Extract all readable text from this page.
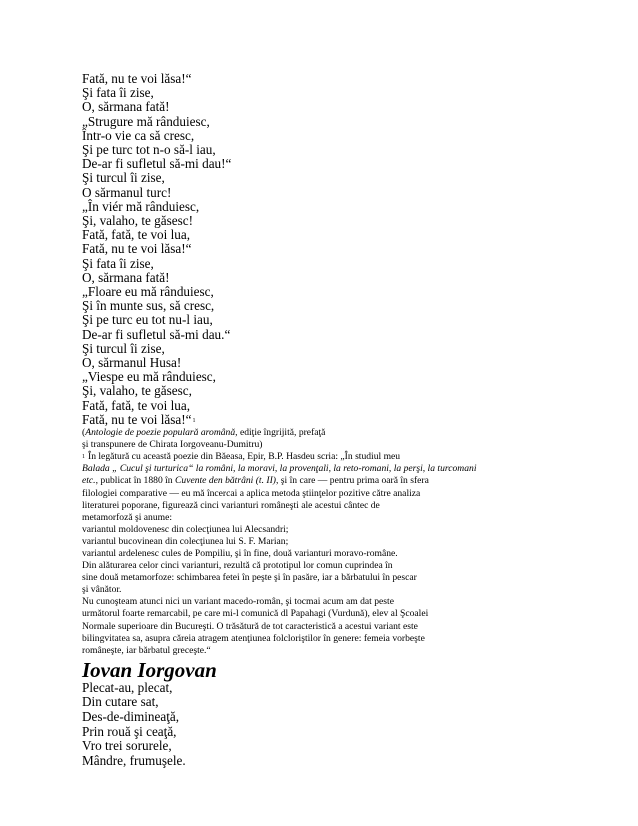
Fată, nu te voi lăsa!“
Şi fata îi zise,
O, sărmana fată!
„Strugure mă rânduiesc,
Într-o vie ca să cresc,
Şi pe turc tot n-o să-l iau,
De-ar fi sufletul să-mi dau!“
Şi turcul îi zise,
O sărmanul turc!
„În viér mă rânduiesc,
Şi, valaho, te găsesc!
Fată, fată, te voi lua,
Fată, nu te voi lăsa!“
Şi fata îi zise,
O, sărmana fată!
„Floare eu mă rânduiesc,
Şi în munte sus, să cresc,
Şi pe turc eu tot nu-l iau,
De-ar fi sufletul să-mi dau.“
Şi turcul îi zise,
O, sărmanul Husa!
„Viespe eu mă rânduiesc,
Şi, valaho, te găsesc,
Fată, fată, te voi lua,
Fată, nu te voi lăsa!“$^1$
(Antologie de poezie populară aromână, ediţie îngrijită, prefaţă
şi transpunere de Chirata Iorgoveanu-Dumitru)
$^1$ În legătură cu această poezie din Băeasa, Epir, B.P. Hasdeu scria: „În studiul meu
Balada „ Cucul şi turturica“ la români, la moravi, la provenţali, la reto-romani, la perşi, la turcomani
etc., publicat în 1880 în Cuvente den bătrâni (t. II), şi în care — pentru prima oară în sfera
filologiei comparative — eu mă încercai a aplica metoda ştiinţelor pozitive către analiza
literaturei poporane, figurează cinci varianturi româneşti ale acestui cântec de
metamorfoză şi anume:
variantul moldovenesc din colecţiunea lui Alecsandri;
variantul bucovinean din colecţiunea lui S. F. Marian;
variantul ardelenesc cules de Pompiliu, şi în fine, două varianturi moravo-române.
Din alăturarea celor cinci varianturi, rezultă că prototipul lor comun cuprindea în
sine două metamorfoze: schimbarea fetei în peşte şi în pasăre, iar a bărbatului în pescar
şi vânător.
Nu cunoşteam atunci nici un variant macedo-român, şi tocmai acum am dat peste
următorul foarte remarcabil, pe care mi-l comunică dl Papahagi (Vurdună), elev al Şcoalei
Normale superioare din Bucureşti. O trăsătură de tot caracteristică a acestui variant este
bilingvitatea sa, asupra căreia atragem atenţiunea folcloriştilor în genere: femeia vorbeşte
româneşte, iar bărbatul greceşte.“
Iovan Iorgovan
Plecat-au, plecat,
Din cutare sat,
Des-de-dimineaţă,
Prin rouă şi ceaţă,
Vro trei sorurele,
Mândre, frumuşele.
